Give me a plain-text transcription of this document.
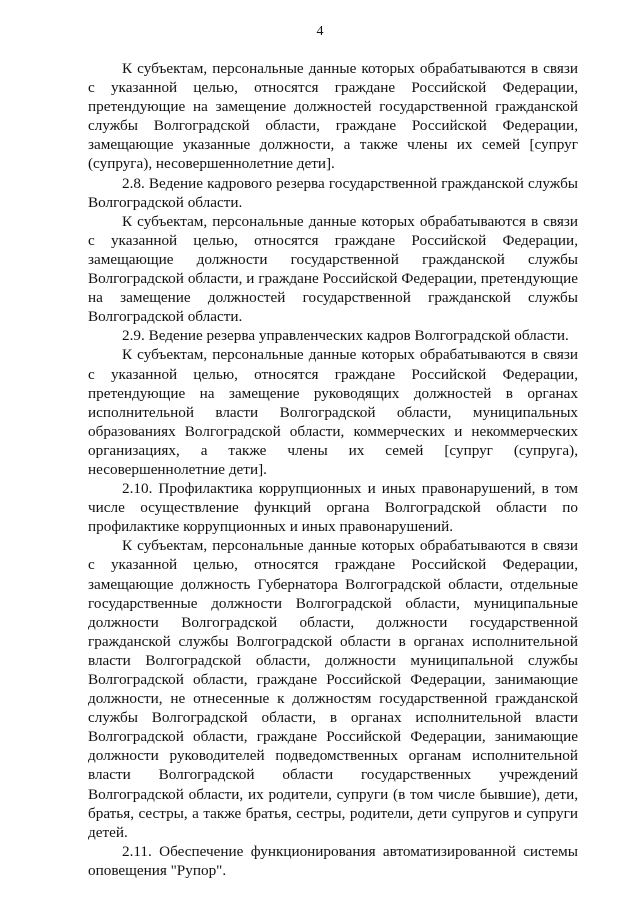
4

К субъектам, персональные данные которых обрабатываются в связи с указанной целью, относятся граждане Российской Федерации, претендующие на замещение должностей государственной гражданской службы Волгоградской области, граждане Российской Федерации, замещающие указанные должности, а также члены их семей [супруг (супруга), несовершеннолетние дети].

2.8. Ведение кадрового резерва государственной гражданской службы Волгоградской области.

К субъектам, персональные данные которых обрабатываются в связи с указанной целью, относятся граждане Российской Федерации, замещающие должности государственной гражданской службы Волгоградской области, и граждане Российской Федерации, претендующие на замещение должностей государственной гражданской службы Волгоградской области.

2.9. Ведение резерва управленческих кадров Волгоградской области.

К субъектам, персональные данные которых обрабатываются в связи с указанной целью, относятся граждане Российской Федерации, претендующие на замещение руководящих должностей в органах исполнительной власти Волгоградской области, муниципальных образованиях Волгоградской области, коммерческих и некоммерческих организациях, а также члены их семей [супруг (супруга), несовершеннолетние дети].

2.10. Профилактика коррупционных и иных правонарушений, в том числе осуществление функций органа Волгоградской области по профилактике коррупционных и иных правонарушений.

К субъектам, персональные данные которых обрабатываются в связи с указанной целью, относятся граждане Российской Федерации, замещающие должность Губернатора Волгоградской области, отдельные государственные должности Волгоградской области, муниципальные должности Волгоградской области, должности государственной гражданской службы Волгоградской области в органах исполнительной власти Волгоградской области, должности муниципальной службы Волгоградской области, граждане Российской Федерации, занимающие должности, не отнесенные к должностям государственной гражданской службы Волгоградской области, в органах исполнительной власти Волгоградской области, граждане Российской Федерации, занимающие должности руководителей подведомственных органам исполнительной власти Волгоградской области государственных учреждений Волгоградской области, их родители, супруги (в том числе бывшие), дети, братья, сестры, а также братья, сестры, родители, дети супругов и супруги детей.

2.11. Обеспечение функционирования автоматизированной системы оповещения "Рупор".
